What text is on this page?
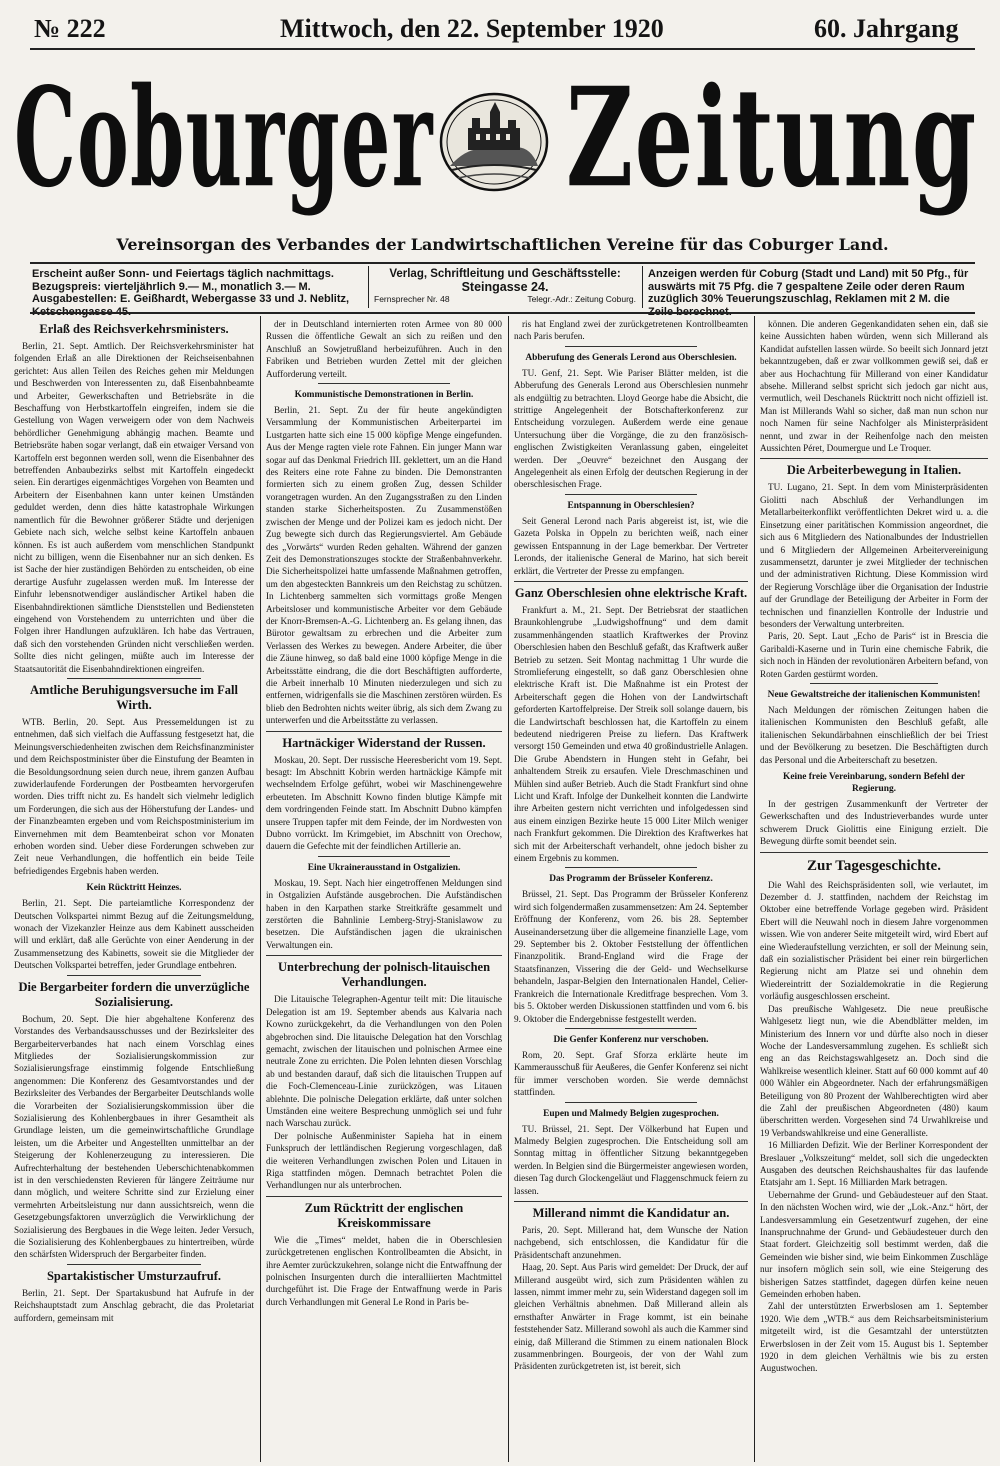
№ 222	Mittwoch, den 22. September 1920	60. Jahrgang
Coburger Zeitung
Vereinsorgan des Verbandes der Landwirtschaftlichen Vereine für das Coburger Land.
Erscheint außer Sonn- und Feiertags täglich nachmittags. Bezugspreis: vierteljährlich 9.— M., monatlich 3.— M. Ausgabestellen: E. Geißhardt, Webergasse 33 und J. Neblitz,
Verlag, Schriftleitung und Geschäftsstelle:
Steingasse 24.
Fernsprecher Nr. 48	Telegr.-Adr.: Zeitung Coburg.
Anzeigen werden für Coburg (Stadt und Land) mit 50 Pfg., für auswärts mit 75 Pfg. die 7 gespaltene Zeile oder deren Raum zuzüglich 30% Teuerungszuschlag, Reklamen mit 2 M. die
Erlaß des Reichsverkehrsministers.

Berlin, 21. Sept. Amtlich. Der Reichsverkehrsminister hat folgenden Erlaß an alle Direktionen der Reichseisenbahnen gerichtet: Aus allen Teilen des Reiches gehen mir Meldungen und Beschwerden von Interessenten zu, daß Eisenbahnbeamte und Arbeiter, Gewerkschaften und Betriebsräte in die Beschaffung von Herbstkartoffeln eingreifen, indem sie die Gestellung von Wagen verweigern oder von dem Nachweis behördlicher Genehmigung abhängig machen. Beamte und Betriebsräte haben sogar verlangt, daß ein etwaiger Versand von Kartoffeln erst begonnen werden soll, wenn die Eisenbahner des betreffenden Anbaubezirks selbst mit Kartoffeln eingedeckt seien. Ein derartiges eigenmächtiges Vorgehen von Beamten und Arbeitern der Eisenbahnen kann unter keinen Umständen geduldet werden, denn dies hätte katastrophale Wirkungen namentlich für die Bewohner größerer Städte und derjenigen Gebiete nach sich, welche selbst keine Kartoffeln anbauen können. Es ist auch außerdem vom menschlichen Standpunkt nicht zu billigen, wenn die Eisenbahner nur an sich denken. Es ist Sache der hier zuständigen Behörden zu entscheiden, ob eine derartige Ausfuhr zugelassen werden muß. Im Interesse der Einfuhr lebensnotwendiger ausländischer Artikel haben die Eisenbahndirektionen sämtliche Dienststellen und Bediensteten eingehend von Vorstehendem zu unterrichten und über die Folgen ihrer Handlungen aufzuklären. Ich habe das Vertrauen, daß sich den vorstehenden Gründen nicht verschließen werden. Sollte dies nicht gelingen, müßte auch im Interesse der Staatsautorität die Eisenbahndirektionen eingreifen.

Amtliche Beruhigungsversuche im Fall Wirth.

WTB. Berlin, 20. Sept. Aus Pressemeldungen ist zu entnehmen, daß sich vielfach die Auffassung festgesetzt hat, die Meinungsverschiedenheiten zwischen dem Reichsfinanzminister und dem Reichspostminister über die Einstufung der Beamten in die Besoldungsordnung seien durch neue, ihrem ganzen Aufbau zuwiderlaufende Forderungen der Postbeamten hervorgerufen worden. Dies trifft nicht zu. Es handelt sich vielmehr lediglich um Forderungen, die sich aus der Höherstufung der Landes- und der Finanzbeamten ergeben und vom Reichspostministerium im Einvernehmen mit dem Beamtenbeirat schon vor Monaten erhoben worden sind. Ueber diese Forderungen schweben zur Zeit neue Verhandlungen, die hoffentlich ein beide Teile befriedigendes Ergebnis haben werden.

Kein Rücktritt Heinzes.

Berlin, 21. Sept. Die parteiamtliche Korrespondenz der Deutschen Volkspartei nimmt Bezug auf die Zeitungsmeldung, wonach der Vizekanzler Heinze aus dem Kabinett ausscheiden will und erklärt, daß alle Gerüchte von einer Aenderung in der Zusammensetzung des Kabinetts, soweit sie die Mitglieder der Deutschen Volkspartei betreffen, jeder Grundlage entbehren.

Die Bergarbeiter fordern die unverzügliche Sozialisierung.

Bochum, 20. Sept. Die hier abgehaltene Konferenz des Vorstandes des Verbandsausschusses und der Bezirksleiter des Bergarbeiterverbandes hat nach einem Vorschlag eines Mitgliedes der Sozialisierungskommission zur Sozialisierungsfrage einstimmig folgende Entschließung angenommen: Die Konferenz des Gesamtvorstandes und der Bezirksleiter des Verbandes der Bergarbeiter Deutschlands wolle die Vorarbeiten der Sozialisierungskommission über die Sozialisierung des Kohlenbergbaues in ihrer Gesamtheit als Grundlage leisten, um die gemeinwirtschaftliche Grundlage leisten, um die Arbeiter und Angestellten unmittelbar an der Steigerung der Kohlenerzeugung zu interessieren. Die Aufrechterhaltung der bestehenden Ueberschichtenabkommen ist in den verschiedensten Revieren für längere Zeiträume nur dann möglich, und weitere Schritte sind zur Erzielung einer vermehrten Arbeitsleistung nur dann aussichtsreich, wenn die Gesetzgebungsfaktoren unverzüglich die Verwirklichung der Sozialisierung des Bergbaues in die Wege leiten. Jeder Versuch, die Sozialisierung des Kohlenbergbaues zu hintertreiben, würde den schärfsten Widerspruch der Bergarbeiter finden.

Spartakistischer Umsturzaufruf.

Berlin, 21. Sept. Der Spartakusbund hat Aufrufe in der Reichshauptstadt zum Anschlag gebracht, die das Proletariat auffordern, gemeinsam mit

der in Deutschland internierten roten Armee von 80 000 Russen die öffentliche Gewalt an sich zu reißen und den Anschluß an Sowjetrußland herbeizuführen. Auch in den Fabriken und Betrieben wurden Zettel mit der gleichen Aufforderung verteilt.

Kommunistische Demonstrationen in Berlin.

Berlin, 21. Sept. Zu der für heute angekündigten Versammlung der Kommunistischen Arbeiterpartei im Lustgarten hatte sich eine 15 000 köpfige Menge eingefunden. Aus der Menge ragten viele rote Fahnen. Ein junger Mann war sogar auf das Denkmal Friedrich III. geklettert, um an die Hand des Reiters eine rote Fahne zu binden. Die Demonstranten formierten sich zu einem großen Zug, dessen Schilder vorangetragen wurden. An den Zugangsstraßen zu den Linden standen starke Sicherheitsposten. Zu Zusammenstößen zwischen der Menge und der Polizei kam es jedoch nicht. Der Zug bewegte sich durch das Regierungsviertel. Am Gebäude des „Vorwärts“ wurden Reden gehalten. Während der ganzen Zeit des Demonstrationszuges stockte der Straßenbahnverkehr. Die Sicherheitspolizei hatte umfassende Maßnahmen getroffen, um den abgesteckten Bannkreis um den Reichstag zu schützen. In Lichtenberg sammelten sich vormittags große Mengen Arbeitsloser und kommunistische Arbeiter vor dem Gebäude der Knorr-Bremsen-A.-G. Lichtenberg an. Es gelang ihnen, das Bürotor gewaltsam zu erbrechen und die Arbeiter zum Verlassen des Werkes zu bewegen. Andere Arbeiter, die über die Zäune hinweg, so daß bald eine 1000 köpfige Menge in die Arbeitsstätte eindrang, die die dort Beschäftigten aufforderte, die Arbeit innerhalb 10 Minuten niederzulegen und sich zu entfernen, widrigenfalls sie die Maschinen zerstören würden. Es blieb den Bedrohten nichts weiter übrig, als sich dem Zwang zu unterwerfen und die Arbeitsstätte zu verlassen.

Hartnäckiger Widerstand der Russen.

Moskau, 20. Sept. Der russische Heeresbericht vom 19. Sept. besagt: Im Abschnitt Kobrin werden hartnäckige Kämpfe mit wechselndem Erfolge geführt, wobei wir Maschinengewehre erbeuteten. Im Abschnitt Kowno finden blutige Kämpfe mit dem vordringenden Feinde statt. Im Abschnitt Dubno kämpfen unsere Truppen tapfer mit dem Feinde, der im Nordwesten von Dubno vorrückt. Im Krimgebiet, im Abschnitt von Orechow, dauern die Gefechte mit der feindlichen Artillerie an.

Eine Ukrainerausstand in Ostgalizien.

Moskau, 19. Sept. Nach hier eingetroffenen Meldungen sind in Ostgalizien Aufstände ausgebrochen. Die Aufständischen haben in den Karpathen starke Streitkräfte gesammelt und zerstörten die Bahnlinie Lemberg-Stryj-Stanislawow zu besetzen. Die Aufständischen jagen die ukrainischen Verwaltungen ein.

Unterbrechung der polnisch-litauischen Verhandlungen.

Die Litauische Telegraphen-Agentur teilt mit: Die litauische Delegation ist am 19. September abends aus Kalvaria nach Kowno zurückgekehrt, da die Verhandlungen von den Polen abgebrochen sind. Die litauische Delegation hat den Vorschlag gemacht, zwischen der litauischen und polnischen Armee eine neutrale Zone zu errichten. Die Polen lehnten diesen Vorschlag ab und bestanden darauf, daß sich die litauischen Truppen auf die Foch-Clemenceau-Linie zurückzögen, was Litauen ablehnte. Die polnische Delegation erklärte, daß unter solchen Umständen eine weitere Besprechung unmöglich sei und fuhr nach Warschau zurück.

Der polnische Außenminister Sapieha hat in einem Funkspruch der lettländischen Regierung vorgeschlagen, daß die weiteren Verhandlungen zwischen Polen und Litauen in Riga stattfinden mögen. Demnach betrachtet Polen die Verhandlungen nur als unterbrochen.

Zum Rücktritt der englischen Kreiskommissare

Wie die „Times“ meldet, haben die in Oberschlesien zurückgetretenen englischen Kontrollbeamten die Absicht, in ihre Aemter zurückzukehren, solange nicht die Entwaffnung der polnischen Insurgenten durch die interalliierten Machtmittel durchgeführt ist. Die Frage der Entwaffnung werde in Paris durch Verhandlungen mit General Le Rond in Paris be-

ris hat England zwei der zurückgetretenen Kontrollbeamten nach Paris berufen.

Abberufung des Generals Lerond aus Oberschlesien.

TU. Genf, 21. Sept. Wie Pariser Blätter melden, ist die Abberufung des Generals Lerond aus Oberschlesien nunmehr als endgültig zu betrachten. Lloyd George habe die Absicht, die strittige Angelegenheit der Botschafterkonferenz zur Entscheidung vorzulegen. Außerdem werde eine genaue Untersuchung über die Vorgänge, die zu den französisch-englischen Zwistigkeiten Veranlassung gaben, eingeleitet werden. Der „Oeuvre“ bezeichnet den Ausgang der Angelegenheit als einen Erfolg der deutschen Regierung in der oberschlesischen Frage.

Entspannung in Oberschlesien?

Seit General Lerond nach Paris abgereist ist, ist, wie die Gazeta Polska in Oppeln zu berichten weiß, nach einer gewissen Entspannung in der Lage bemerkbar. Der Vertreter Leronds, der italienische General de Marino, hat sich bereit erklärt, die Vertreter der Presse zu empfangen.

Ganz Oberschlesien ohne elektrische Kraft.

Frankfurt a. M., 21. Sept. Der Betriebsrat der staatlichen Braunkohlengrube „Ludwigshoffnung“ und dem damit zusammenhängenden staatlich Kraftwerkes der Provinz Oberschlesien haben den Beschluß gefaßt, das Kraftwerk außer Betrieb zu setzen. Seit Montag nachmittag 1 Uhr wurde die Stromlieferung eingestellt, so daß ganz Oberschlesien ohne elektrische Kraft ist. Die Maßnahme ist ein Protest der Arbeiterschaft gegen die Hohen von der Landwirtschaft geforderten Kartoffelpreise. Der Streik soll solange dauern, bis die Landwirtschaft beschlossen hat, die Kartoffeln zu einem bedeutend niedrigeren Preise zu liefern. Das Kraftwerk versorgt 150 Gemeinden und etwa 40 großindustrielle Anlagen. Die Grube Abendstern in Hungen steht in Gefahr, bei anhaltendem Streik zu ersaufen. Viele Dreschmaschinen und Mühlen sind außer Betrieb. Auch die Stadt Frankfurt sind ohne Licht und Kraft. Infolge der Dunkelheit konnten die Landwirte ihre Arbeiten gestern nicht verrichten und infolgedessen sind aus einem einzigen Bezirke heute 15 000 Liter Milch weniger nach Frankfurt gekommen. Die Direktion des Kraftwerkes hat sich mit der Arbeiterschaft verhandelt, ohne jedoch bisher zu einem Ergebnis zu kommen.

Das Programm der Brüsseler Konferenz.

Brüssel, 21. Sept. Das Programm der Brüsseler Konferenz wird sich folgendermaßen zusammensetzen: Am 24. September Eröffnung der Konferenz, vom 26. bis 28. September Auseinandersetzung über die allgemeine finanzielle Lage, vom 29. September bis 2. Oktober Feststellung der öffentlichen Finanzpolitik. Brand-England wird die Frage der Staatsfinanzen, Vissering die der Geld- und Wechselkurse behandeln, Jaspar-Belgien den Internationalen Handel, Celier-Frankreich die Internationale Kreditfrage besprechen. Vom 3. bis 5. Oktober werden Diskussionen stattfinden und vom 6. bis 9. Oktober die Endergebnisse festgestellt werden.

Die Genfer Konferenz nur verschoben.

Rom, 20. Sept. Graf Sforza erklärte heute im Kammerausschuß für Aeußeres, die Genfer Konferenz sei nicht für immer verschoben worden. Sie werde demnächst stattfinden.

Eupen und Malmedy Belgien zugesprochen.

TU. Brüssel, 21. Sept. Der Völkerbund hat Eupen und Malmedy Belgien zugesprochen. Die Entscheidung soll am Sonntag mittag in öffentlicher Sitzung bekanntgegeben werden. In Belgien sind die Bürgermeister angewiesen worden, diesen Tag durch Glockengeläut und Flaggenschmuck feiern zu lassen.

Millerand nimmt die Kandidatur an.

Paris, 20. Sept. Millerand hat, dem Wunsche der Nation nachgebend, sich entschlossen, die Kandidatur für die Präsidentschaft anzunehmen.

Haag, 20. Sept. Aus Paris wird gemeldet: Der Druck, der auf Millerand ausgeübt wird, sich zum Präsidenten wählen zu lassen, nimmt immer mehr zu, sein Widerstand dagegen soll im gleichen Verhältnis abnehmen. Daß Millerand allein als ernsthafter Anwärter in Frage kommt, ist ein beinahe feststehender Satz. Millerand sowohl als auch die Kammer sind einig, daß Millerand die Stimmen zu einem nationalen Block zusammenbringen. Bourgeois, der von der Wahl zum Präsidenten zurückgetreten ist, ist bereit, sich

können. Die anderen Gegenkandidaten sehen ein, daß sie keine Aussichten haben würden, wenn sich Millerand als Kandidat aufstellen lassen würde. So beeilt sich Jonnard jetzt bekanntzugeben, daß er zwar vollkommen gewiß sei, daß er aber aus Hochachtung für Millerand von einer Kandidatur absehe. Millerand selbst spricht sich jedoch gar nicht aus, vermutlich, weil Deschanels Rücktritt noch nicht offiziell ist. Man ist Millerands Wahl so sicher, daß man nun schon nur noch Namen für seine Nachfolger als Ministerpräsident nennt, und zwar in der Reihenfolge nach den meisten Aussichten Péret, Doumergue und Le Troquer.

Die Arbeiterbewegung in Italien.

TU. Lugano, 21. Sept. In dem vom Ministerpräsidenten Giolitti nach Abschluß der Verhandlungen im Metallarbeiterkonflikt veröffentlichten Dekret wird u. a. die Einsetzung einer paritätischen Kommission angeordnet, die sich aus 6 Mitgliedern des Nationalbundes der Industriellen und 6 Mitgliedern der Allgemeinen Arbeitervereinigung zusammensetzt, darunter je zwei Mitglieder der technischen und der administrativen Richtung. Diese Kommission wird der Regierung Vorschläge über die Organisation der Industrie auf der Grundlage der Beteiligung der Arbeiter in Form der technischen und finanziellen Kontrolle der Industrie und besonders der Verwaltung unterbreiten.

Paris, 20. Sept. Laut „Echo de Paris“ ist in Brescia die Garibaldi-Kaserne und in Turin eine chemische Fabrik, die sich noch in Händen der revolutionären Arbeitern befand, von Roten Garden gestürmt worden.

Neue Gewaltstreiche der italienischen Kommunisten!

Nach Meldungen der römischen Zeitungen haben die italienischen Kommunisten den Beschluß gefaßt, alle italienischen Sekundärbahnen einschließlich der bei Triest und der Bevölkerung zu besetzen. Die Beschäftigten durch das Personal und die Arbeiterschaft zu besetzen.

Keine freie Vereinbarung, sondern Befehl der Regierung.

In der gestrigen Zusammenkunft der Vertreter der Gewerkschaften und des Industrieverbandes wurde unter schwerem Druck Giolittis eine Einigung erzielt. Die Bewegung dürfte somit beendet sein.

Zur Tagesgeschichte.

Die Wahl des Reichspräsidenten soll, wie verlautet, im Dezember d. J. stattfinden, nachdem der Reichstag im Oktober eine betreffende Vorlage gegeben wird. Präsident Ebert will die Neuwahl noch in diesem Jahre vorgenommen wissen. Wie von anderer Seite mitgeteilt wird, wird Ebert auf eine Wiederaufstellung verzichten, er soll der Meinung sein, daß ein sozialistischer Präsident bei einer rein bürgerlichen Regierung nicht am Platze sei und ohnehin dem Wiedereintritt der Sozialdemokratie in die Regierung vorläufig ausgeschlossen erscheint.

Das preußische Wahlgesetz. Die neue preußische Wahlgesetz liegt nun, wie die Abendblätter melden, im Ministerium des Innern vor und dürfte also noch in dieser Woche der Landesversammlung zugehen. Es schließt sich eng an das Reichstagswahlgesetz an. Doch sind die Wahlkreise wesentlich kleiner. Statt auf 60 000 kommt auf 40 000 Wähler ein Abgeordneter. Nach der erfahrungsmäßigen Beteiligung von 80 Prozent der Wahlberechtigten wird aber die Zahl der preußischen Abgeordneten (480) kaum überschritten werden. Vorgesehen sind 74 Urwahlkreise und 19 Verbandswahlkreise und eine Generalliste.

16 Milliarden Defizit. Wie der Berliner Korrespondent der Breslauer „Volkszeitung“ meldet, soll sich die ungedeckten Ausgaben des deutschen Reichshaushaltes für das laufende Etatsjahr am 1. Sept. 16 Milliarden Mark betragen.

Uebernahme der Grund- und Gebäudesteuer auf den Staat. In den nächsten Wochen wird, wie der „Lok.-Anz.“ hört, der Landesversammlung ein Gesetzentwurf zugehen, der eine Inanspruchnahme der Grund- und Gebäudesteuer durch den Staat fordert. Gleichzeitig soll bestimmt werden, daß die Gemeinden wie bisher sind, wie beim Einkommen Zuschläge nur insofern möglich sein soll, wie eine Steigerung des bisherigen Satzes stattfindet, dagegen dürfen keine neuen Gemeinden erhoben haben.

Zahl der unterstützten Erwerbslosen am 1. September 1920. Wie dem „WTB.“ aus dem Reichsarbeitsministerium mitgeteilt wird, ist die Gesamtzahl der unterstützten Erwerbslosen in der Zeit vom 15. August bis 1. September 1920 in dem gleichen Verhältnis wie bis zu ersten Augustwochen.
